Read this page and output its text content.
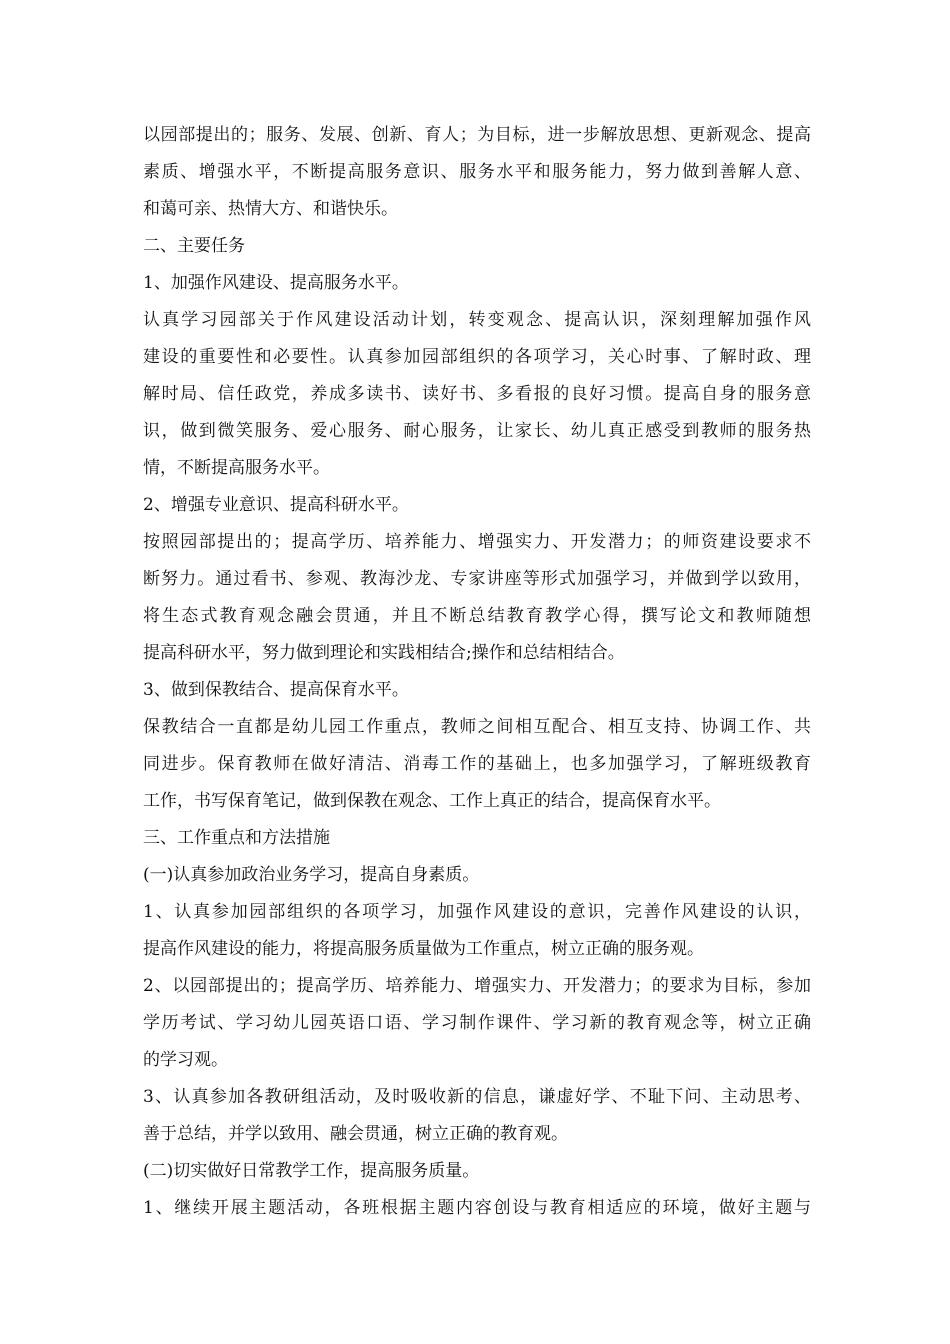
以园部提出的；服务、发展、创新、育人；为目标，进一步解放思想、更新观念、提高
素质、增强水平，不断提高服务意识、服务水平和服务能力，努力做到善解人意、
和蔼可亲、热情大方、和谐快乐。
二、主要任务
1、加强作风建设、提高服务水平。
认真学习园部关于作风建设活动计划，转变观念、提高认识，深刻理解加强作风
建设的重要性和必要性。认真参加园部组织的各项学习，关心时事、了解时政、理
解时局、信任政党，养成多读书、读好书、多看报的良好习惯。提高自身的服务意
识，做到微笑服务、爱心服务、耐心服务，让家长、幼儿真正感受到教师的服务热
情，不断提高服务水平。
2、增强专业意识、提高科研水平。
按照园部提出的；提高学历、培养能力、增强实力、开发潜力；的师资建设要求不
断努力。通过看书、参观、教海沙龙、专家讲座等形式加强学习，并做到学以致用，
将生态式教育观念融会贯通，并且不断总结教育教学心得，撰写论文和教师随想
提高科研水平，努力做到理论和实践相结合;操作和总结相结合。
3、做到保教结合、提高保育水平。
保教结合一直都是幼儿园工作重点，教师之间相互配合、相互支持、协调工作、共
同进步。保育教师在做好清洁、消毒工作的基础上，也多加强学习，了解班级教育
工作，书写保育笔记，做到保教在观念、工作上真正的结合，提高保育水平。
三、工作重点和方法措施
(一)认真参加政治业务学习，提高自身素质。
1、认真参加园部组织的各项学习，加强作风建设的意识，完善作风建设的认识，
提高作风建设的能力，将提高服务质量做为工作重点，树立正确的服务观。
2、以园部提出的；提高学历、培养能力、增强实力、开发潜力；的要求为目标，参加
学历考试、学习幼儿园英语口语、学习制作课件、学习新的教育观念等，树立正确
的学习观。
3、认真参加各教研组活动，及时吸收新的信息，谦虚好学、不耻下问、主动思考、
善于总结，并学以致用、融会贯通，树立正确的教育观。
(二)切实做好日常教学工作，提高服务质量。
1、继续开展主题活动，各班根据主题内容创设与教育相适应的环境，做好主题与
